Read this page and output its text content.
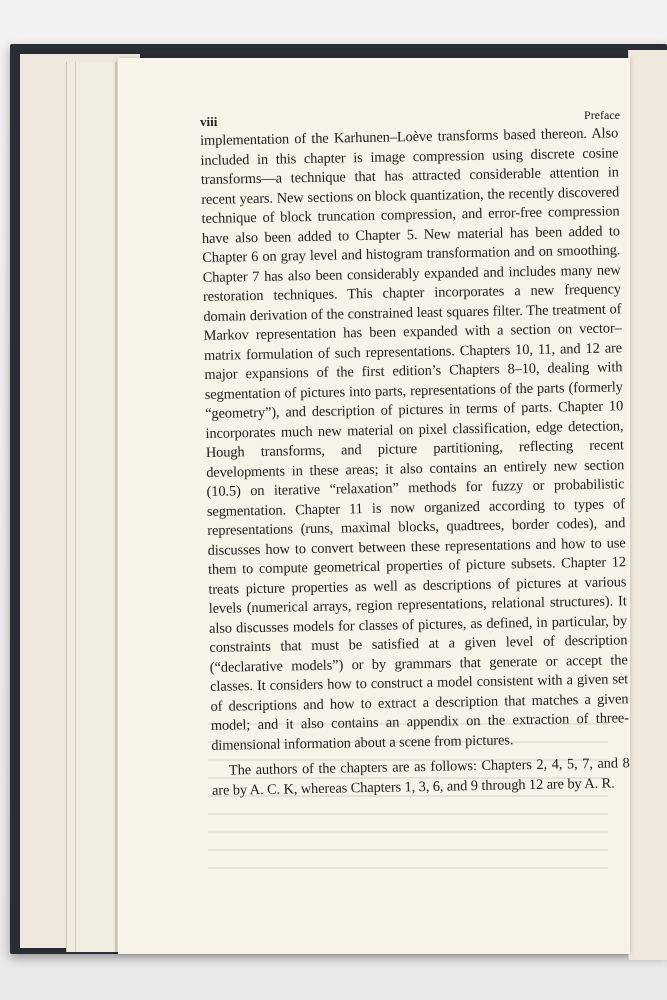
viii	Preface

implementation of the Karhunen–Loève transforms based thereon. Also included in this chapter is image compression using discrete cosine transforms—a technique that has attracted considerable attention in recent years. New sections on block quantization, the recently discovered technique of block truncation compression, and error-free compression have also been added to Chapter 5. New material has been added to Chapter 6 on gray level and histogram transformation and on smoothing. Chapter 7 has also been considerably expanded and includes many new restoration techniques. This chapter incorporates a new frequency domain derivation of the constrained least squares filter. The treatment of Markov representation has been expanded with a section on vector–matrix formulation of such representations. Chapters 10, 11, and 12 are major expansions of the first edition’s Chapters 8–10, dealing with segmentation of pictures into parts, representations of the parts (formerly “geometry”), and description of pictures in terms of parts. Chapter 10 incorporates much new material on pixel classification, edge detection, Hough transforms, and picture partitioning, reflecting recent developments in these areas; it also contains an entirely new section (10.5) on iterative “relaxation” methods for fuzzy or probabilistic segmentation. Chapter 11 is now organized according to types of representations (runs, maximal blocks, quadtrees, border codes), and discusses how to convert between these representations and how to use them to compute geometrical properties of picture subsets. Chapter 12 treats picture properties as well as descriptions of pictures at various levels (numerical arrays, region representations, relational structures). It also discusses models for classes of pictures, as defined, in particular, by constraints that must be satisfied at a given level of description (“declarative models”) or by grammars that generate or accept the classes. It considers how to construct a model consistent with a given set of descriptions and how to extract a description that matches a given model; and it also contains an appendix on the extraction of three-dimensional information about a scene from pictures.

The authors of the chapters are as follows: Chapters 2, 4, 5, 7, and 8 are by A. C. K, whereas Chapters 1, 3, 6, and 9 through 12 are by A. R.
